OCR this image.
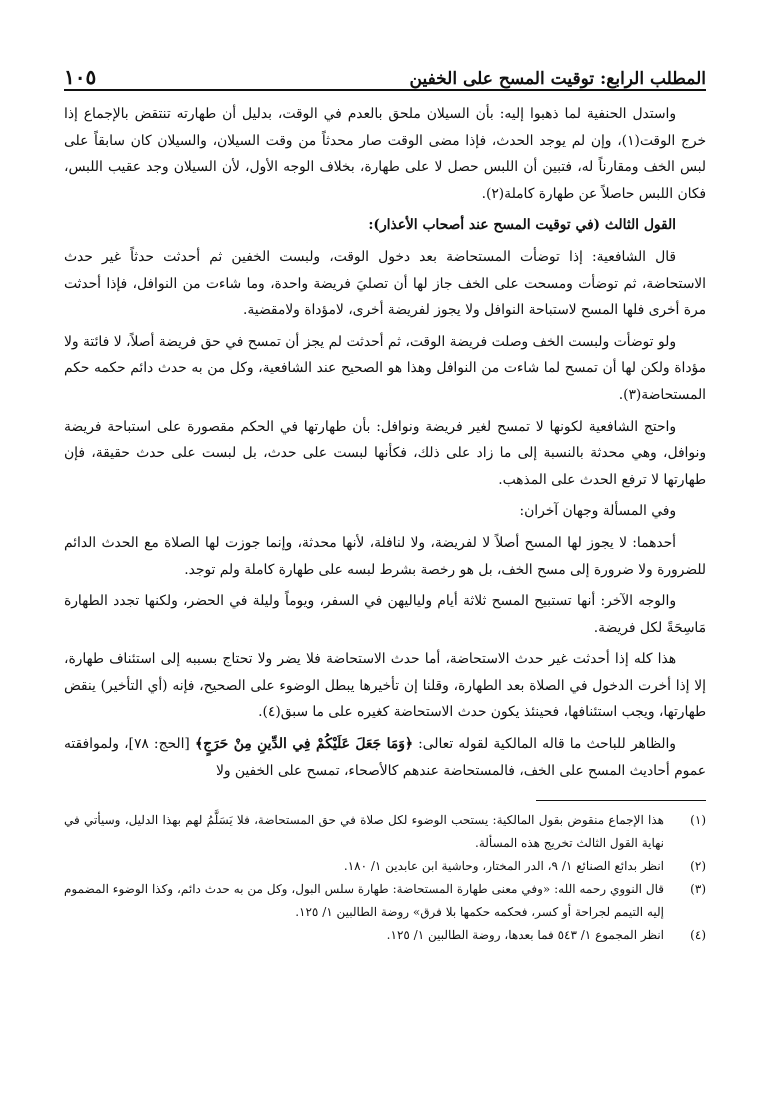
المطلب الرابع: توقيت المسح على الخفين
١٠٥

واستدل الحنفية لما ذهبوا إليه: بأن السيلان ملحق بالعدم في الوقت، بدليل أن طهارته تنتقض بالإجماع إذا خرج الوقت(١)، وإن لم يوجد الحدث، فإذا مضى الوقت صار محدثاً من وقت السيلان، والسيلان كان سابقاً على لبس الخف ومقارناً له، فتبين أن اللبس حصل لا على طهارة، بخلاف الوجه الأول، لأن السيلان وجد عقيب اللبس، فكان اللبس حاصلاً عن طهارة كاملة(٢).

القول الثالث (في توقيت المسح عند أصحاب الأعذار):

قال الشافعية: إذا توضأت المستحاضة بعد دخول الوقت، ولبست الخفين ثم أحدثت حدثاً غير حدث الاستحاضة، ثم توضأت ومسحت على الخف جاز لها أن تصليَ فريضة واحدة، وما شاءت من النوافل، فإذا أحدثت مرة أخرى فلها المسح لاستباحة النوافل ولا يجوز لفريضة أخرى، لامؤداة ولامقضية.

ولو توضأت ولبست الخف وصلت فريضة الوقت، ثم أحدثت لم يجز أن تمسح في حق فريضة أصلاً، لا فائتة ولا مؤداة ولكن لها أن تمسح لما شاءت من النوافل وهذا هو الصحيح عند الشافعية، وكل من به حدث دائم حكمه حكم المستحاضة(٣).

واحتج الشافعية لكونها لا تمسح لغير فريضة ونوافل: بأن طهارتها في الحكم مقصورة على استباحة فريضة ونوافل، وهي محدثة بالنسبة إلى ما زاد على ذلك، فكأنها لبست على حدث، بل لبست على حدث حقيقة، فإن طهارتها لا ترفع الحدث على المذهب.

وفي المسألة وجهان آخران:

أحدهما: لا يجوز لها المسح أصلاً لا لفريضة، ولا لنافلة، لأنها محدثة، وإنما جوزت لها الصلاة مع الحدث الدائم للضرورة ولا ضرورة إلى مسح الخف، بل هو رخصة بشرط لبسه على طهارة كاملة ولم توجد.

والوجه الآخر: أنها تستبيح المسح ثلاثة أيام ولياليهن في السفر، ويوماً وليلة في الحضر، ولكنها تجدد الطهارة مَاسِحَةً لكل فريضة.

هذا كله إذا أحدثت غير حدث الاستحاضة، أما حدث الاستحاضة فلا يضر ولا تحتاج بسببه إلى استئناف طهارة، إلا إذا أخرت الدخول في الصلاة بعد الطهارة، وقلنا إن تأخيرها يبطل الوضوء على الصحيح، فإنه (أي التأخير) ينقض طهارتها، ويجب استئنافها، فحينئذ يكون حدث الاستحاضة كغيره على ما سبق(٤).

والظاهر للباحث ما قاله المالكية لقوله تعالى: ﴿وَمَا جَعَلَ عَلَيْكُمْ فِي الدِّينِ مِنْ حَرَجٍ﴾ [الحج: ٧٨]، ولموافقته عموم أحاديث المسح على الخف، فالمستحاضة عندهم كالأصحاء، تمسح على الخفين ولا

(١)
هذا الإجماع منقوض بقول المالكية: يستحب الوضوء لكل صلاة في حق المستحاضة، فلا يَسَلَّمُ لهم بهذا الدليل، وسيأتي في نهاية القول الثالث تخريج هذه المسألة.
(٢)
انظر بدائع الصنائع ١/ ٩، الدر المختار، وحاشية ابن عابدين ١/ ١٨٠.
(٣)
قال النووي رحمه الله: «وفي معنى طهارة المستحاضة: طهارة سلس البول، وكل من به حدث دائم، وكذا الوضوء المضموم إليه التيمم لجراحة أو كسر، فحكمه حكمها بلا فرق» روضة الطالبين ١/ ١٢٥.
(٤)
انظر المجموع ١/ ٥٤٣ فما بعدها، روضة الطالبين ١/ ١٢٥.
